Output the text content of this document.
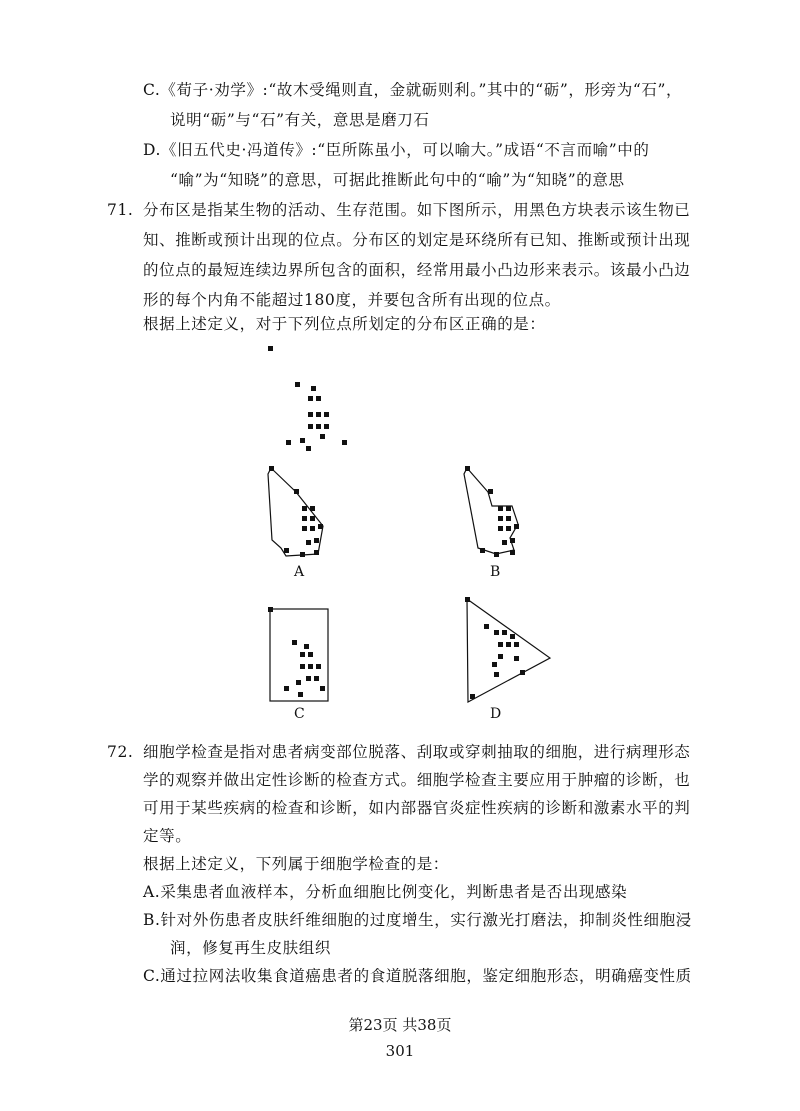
C.《荀子·劝学》:“故木受绳则直，金就砺则利。”其中的“砺”，形旁为“石”，
说明“砺”与“石”有关，意思是磨刀石
D.《旧五代史·冯道传》:“臣所陈虽小，可以喻大。”成语“不言而喻”中的
“喻”为“知晓”的意思，可据此推断此句中的“喻”为“知晓”的意思
71. 分布区是指某生物的活动、生存范围。如下图所示，用黑色方块表示该生物已
知、推断或预计出现的位点。分布区的划定是环绕所有已知、推断或预计出现
的位点的最短连续边界所包含的面积，经常用最小凸边形来表示。该最小凸边
形的每个内角不能超过180度，并要包含所有出现的位点。
根据上述定义，对于下列位点所划定的分布区正确的是：
A	B
C	D
72. 细胞学检查是指对患者病变部位脱落、刮取或穿刺抽取的细胞，进行病理形态
学的观察并做出定性诊断的检查方式。细胞学检查主要应用于肿瘤的诊断，也
可用于某些疾病的检查和诊断，如内部器官炎症性疾病的诊断和激素水平的判
定等。
根据上述定义，下列属于细胞学检查的是：
A.采集患者血液样本，分析血细胞比例变化，判断患者是否出现感染
B.针对外伤患者皮肤纤维细胞的过度增生，实行激光打磨法，抑制炎性细胞浸
润，修复再生皮肤组织
C.通过拉网法收集食道癌患者的食道脱落细胞，鉴定细胞形态，明确癌变性质
第23页 共38页
301
